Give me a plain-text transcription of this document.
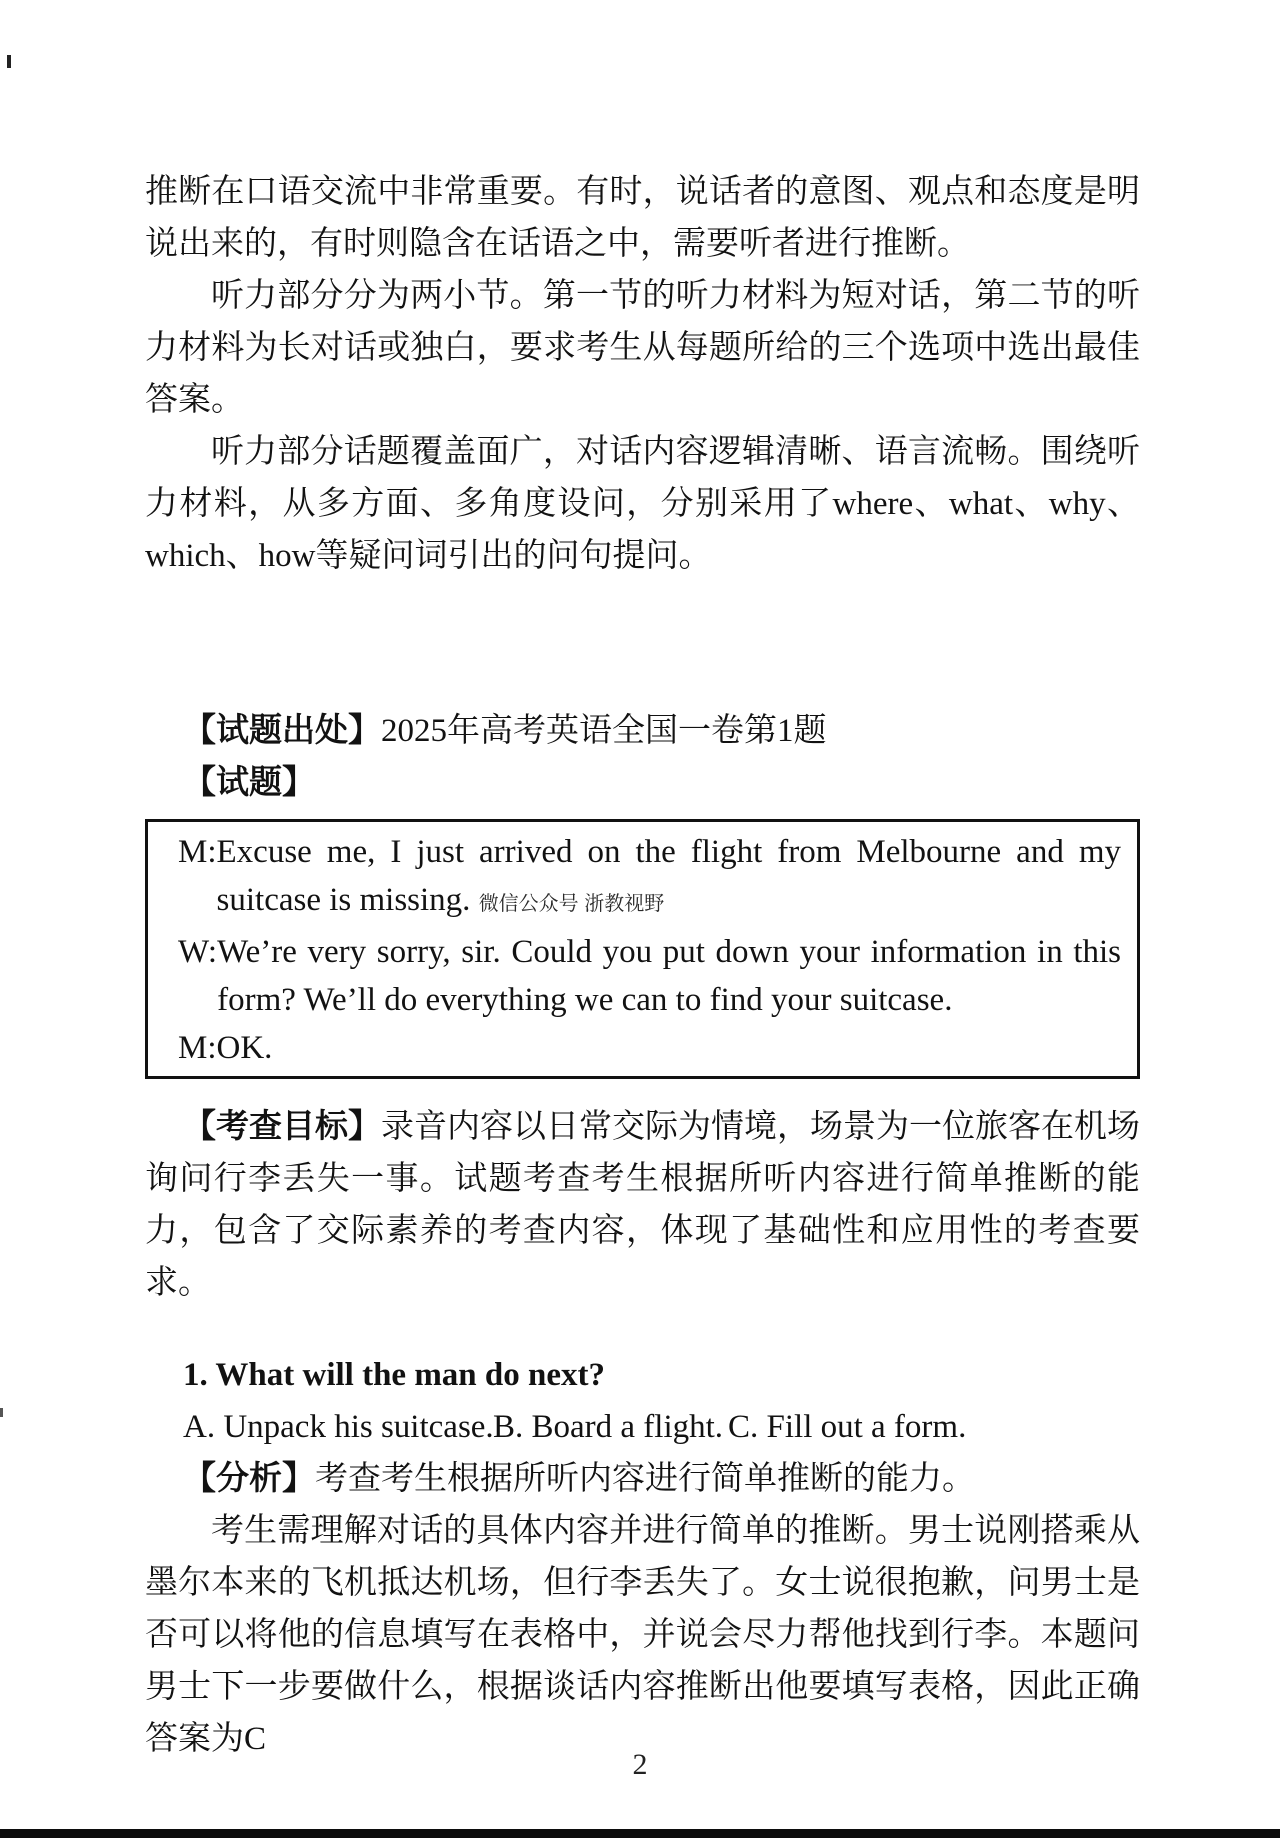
推断在口语交流中非常重要。有时，说话者的意图、观点和态度是明说出来的，有时则隐含在话语之中，需要听者进行推断。

听力部分分为两小节。第一节的听力材料为短对话，第二节的听力材料为长对话或独白，要求考生从每题所给的三个选项中选出最佳答案。

听力部分话题覆盖面广，对话内容逻辑清晰、语言流畅。围绕听力材料，从多方面、多角度设问，分别采用了where、what、why、which、how等疑问词引出的问句提问。

【试题出处】2025年高考英语全国一卷第1题

【试题】

M: Excuse me, I just arrived on the flight from Melbourne and my suitcase is missing. 微信公众号 浙教视野
W: We’re very sorry, sir. Could you put down your information in this form? We’ll do everything we can to find your suitcase.
M: OK.

【考查目标】录音内容以日常交际为情境，场景为一位旅客在机场询问行李丢失一事。试题考查考生根据所听内容进行简单推断的能力，包含了交际素养的考查内容，体现了基础性和应用性的考查要求。

1. What will the man do next?

A. Unpack his suitcase.B. Board a flight. C. Fill out a form.

【分析】考查考生根据所听内容进行简单推断的能力。

考生需理解对话的具体内容并进行简单的推断。男士说刚搭乘从墨尔本来的飞机抵达机场，但行李丢失了。女士说很抱歉，问男士是否可以将他的信息填写在表格中，并说会尽力帮他找到行李。本题问男士下一步要做什么，根据谈话内容推断出他要填写表格，因此正确答案为C

2
